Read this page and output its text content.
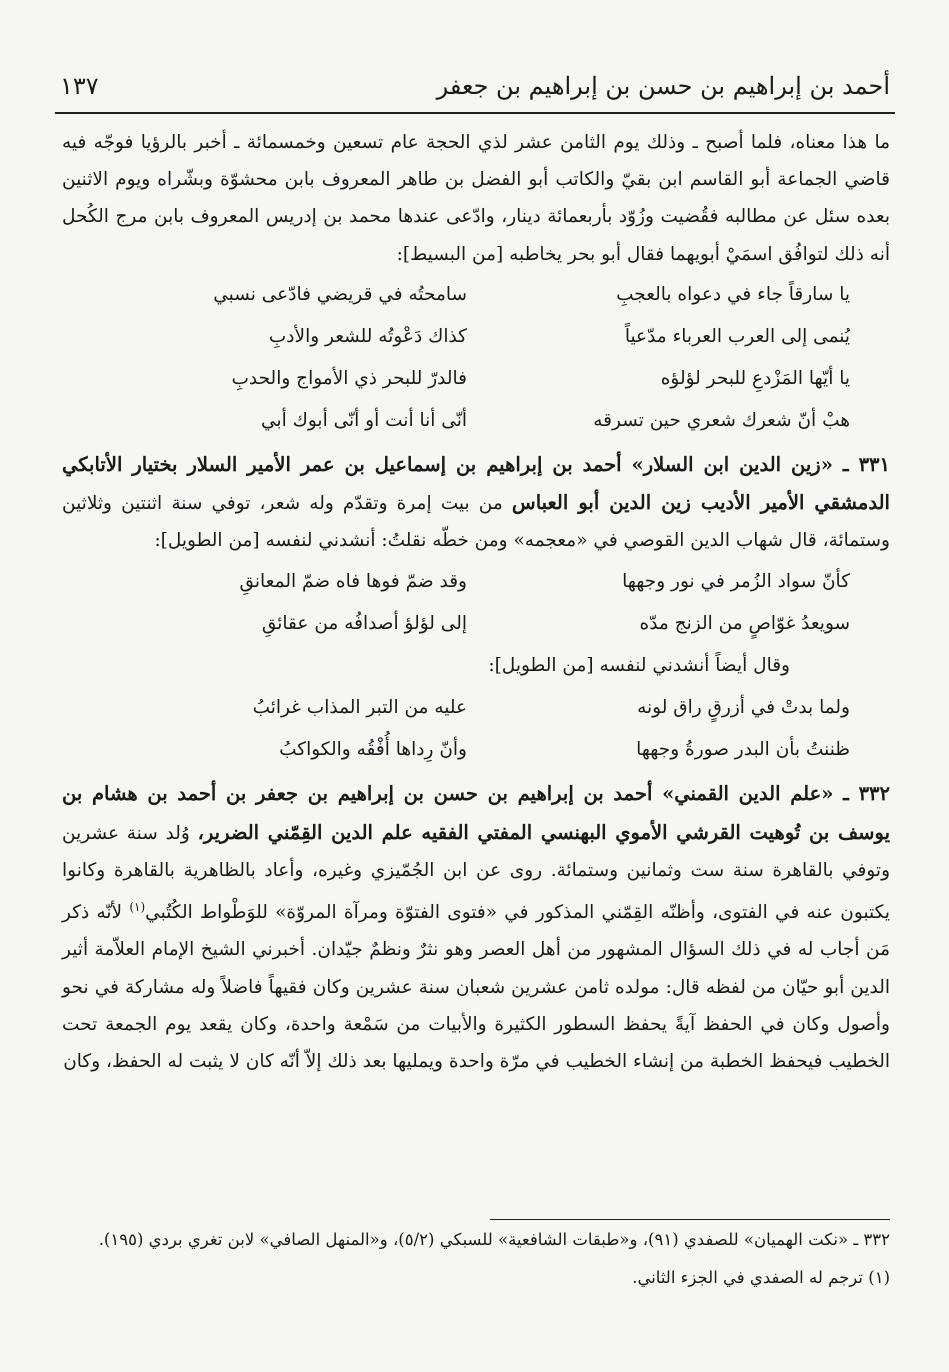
أحمد بن إبراهيم بن حسن بن إبراهيم بن جعفر
١٣٧

ما هذا معناه، فلما أصبح ـ وذلك يوم الثامن عشر لذي الحجة عام تسعين وخمسمائة ـ أخبر بالرؤيا فوجّه فيه قاضي الجماعة أبو القاسم ابن بقيّ والكاتب أبو الفضل بن طاهر المعروف بابن محشوّة وبشّراه ويوم الاثنين بعده سئل عن مطالبه فقُضيت وزُوّد بأربعمائة دينار، وادّعى عندها محمد بن إدريس المعروف بابن مرج الكُحل أنه ذلك لتوافُق اسمَيْ أبويهما فقال أبو بحر يخاطبه [من البسيط]:

يا سارقاً جاء في دعواه بالعجبِ
سامحتُه في قريضي فادّعى نسبي
يُنمى إلى العرب العرباء مدّعياً
كذاك دَعْوتُه للشعر والأدبِ
يا أيّها المَزْدعِ للبحر لؤلؤه
فالدرّ للبحر ذي الأمواج والحدبِ
هبْ أنّ شعرك شعري حين تسرقه
أنّى أنا أنت أو أنّى أبوك أبي

٣٣١ ـ «زين الدين ابن السلار» أحمد بن إبراهيم بن إسماعيل بن عمر الأمير السلار بختيار الأتابكي الدمشقي الأمير الأديب زين الدين أبو العباس من بيت إمرة وتقدّم وله شعر، توفي سنة اثنتين وثلاثين وستمائة، قال شهاب الدين القوصي في «معجمه» ومن خطّه نقلتُ: أنشدني لنفسه [من الطويل]:

كأنّ سواد الزُمر في نور وجهها
وقد ضمّ فوها فاه ضمّ المعانقِ
سويعدُ غوّاصٍ من الزنج مدّه
إلى لؤلؤ أصدافُه من عقائقِ
وقال أيضاً أنشدني لنفسه [من الطويل]:
ولما بدتْ في أزرقٍ راق لونه
عليه من التبر المذاب غرائبُ
ظننتُ بأن البدر صورةُ وجهها
وأنّ رِداها أُفْقُه والكواكبُ

٣٣٢ ـ «علم الدين القمني» أحمد بن إبراهيم بن حسن بن إبراهيم بن جعفر بن أحمد بن هشام بن يوسف بن تُوهيت القرشي الأموي البهنسي المفتي الفقيه علم الدين القِمّني الضرير، وُلد سنة عشرين وتوفي بالقاهرة سنة ست وثمانين وستمائة. روى عن ابن الجُمّيزي وغيره، وأعاد بالظاهرية بالقاهرة وكانوا يكتبون عنه في الفتوى، وأظنّه القِمّني المذكور في «فتوى الفتوّة ومرآة المروّة» للوَطْواط الكُتُبي$^{(١)}$ لأنّه ذكر مَن أجاب له في ذلك السؤال المشهور من أهل العصر وهو نثرٌ ونظمٌ جيّدان. أخبرني الشيخ الإمام العلاّمة أثير الدين أبو حيّان من لفظه قال: مولده ثامن عشرين شعبان سنة عشرين وكان فقيهاً فاضلاً وله مشاركة في نحو وأصول وكان في الحفظ آيةً يحفظ السطور الكثيرة والأبيات من سَمْعة واحدة، وكان يقعد يوم الجمعة تحت الخطيب فيحفظ الخطبة من إنشاء الخطيب في مرّة واحدة ويمليها بعد ذلك إلاّ أنّه كان لا يثبت له الحفظ، وكان

٣٣٢ ـ «نكت الهميان» للصفدي (٩١)، و«طبقات الشافعية» للسبكي (٥/٢)، و«المنهل الصافي» لابن تغري بردي (١٩٥).

(١) ترجم له الصفدي في الجزء الثاني.
